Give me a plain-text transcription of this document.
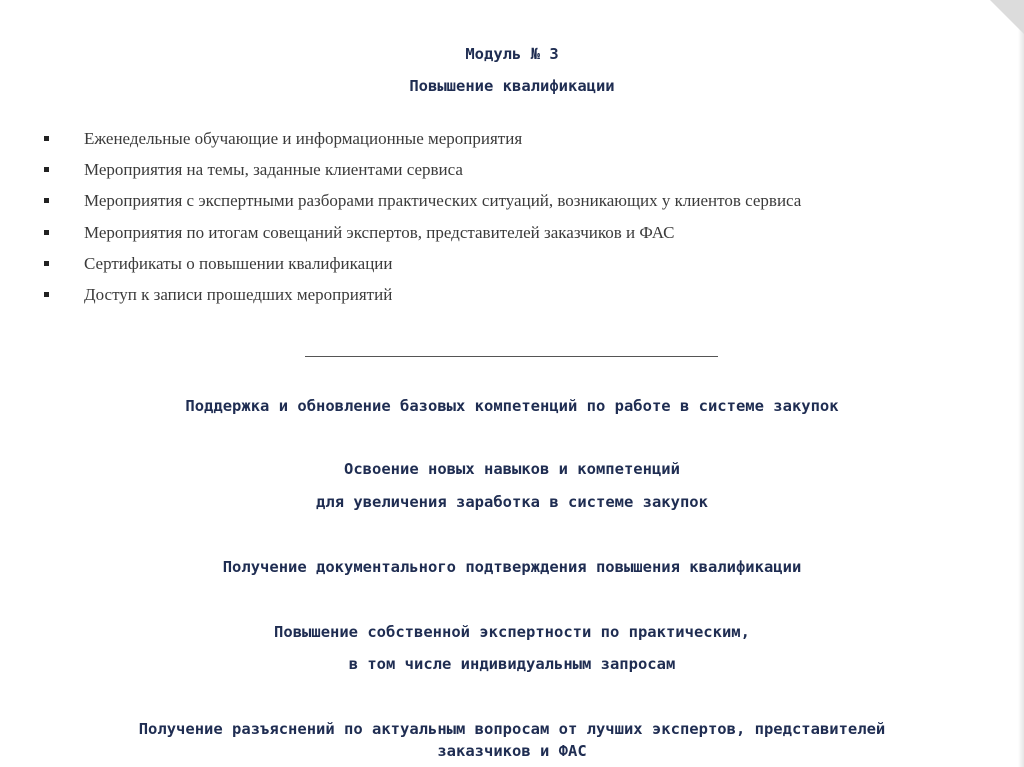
Модуль № 3
Повышение квалификации
Еженедельные обучающие и информационные мероприятия
Мероприятия на темы, заданные клиентами сервиса
Мероприятия с экспертными разборами практических ситуаций, возникающих у клиентов сервиса
Мероприятия по итогам совещаний экспертов, представителей заказчиков и ФАС
Сертификаты о повышении квалификации
Доступ к записи прошедших мероприятий
Поддержка и обновление базовых компетенций по работе в системе закупок
Освоение новых навыков и компетенций
для увеличения заработка в системе закупок
Получение документального подтверждения повышения квалификации
Повышение собственной экспертности по практическим,
в том числе индивидуальным запросам
Получение разъяснений по актуальным вопросам от лучших экспертов, представителей
заказчиков и ФАС
